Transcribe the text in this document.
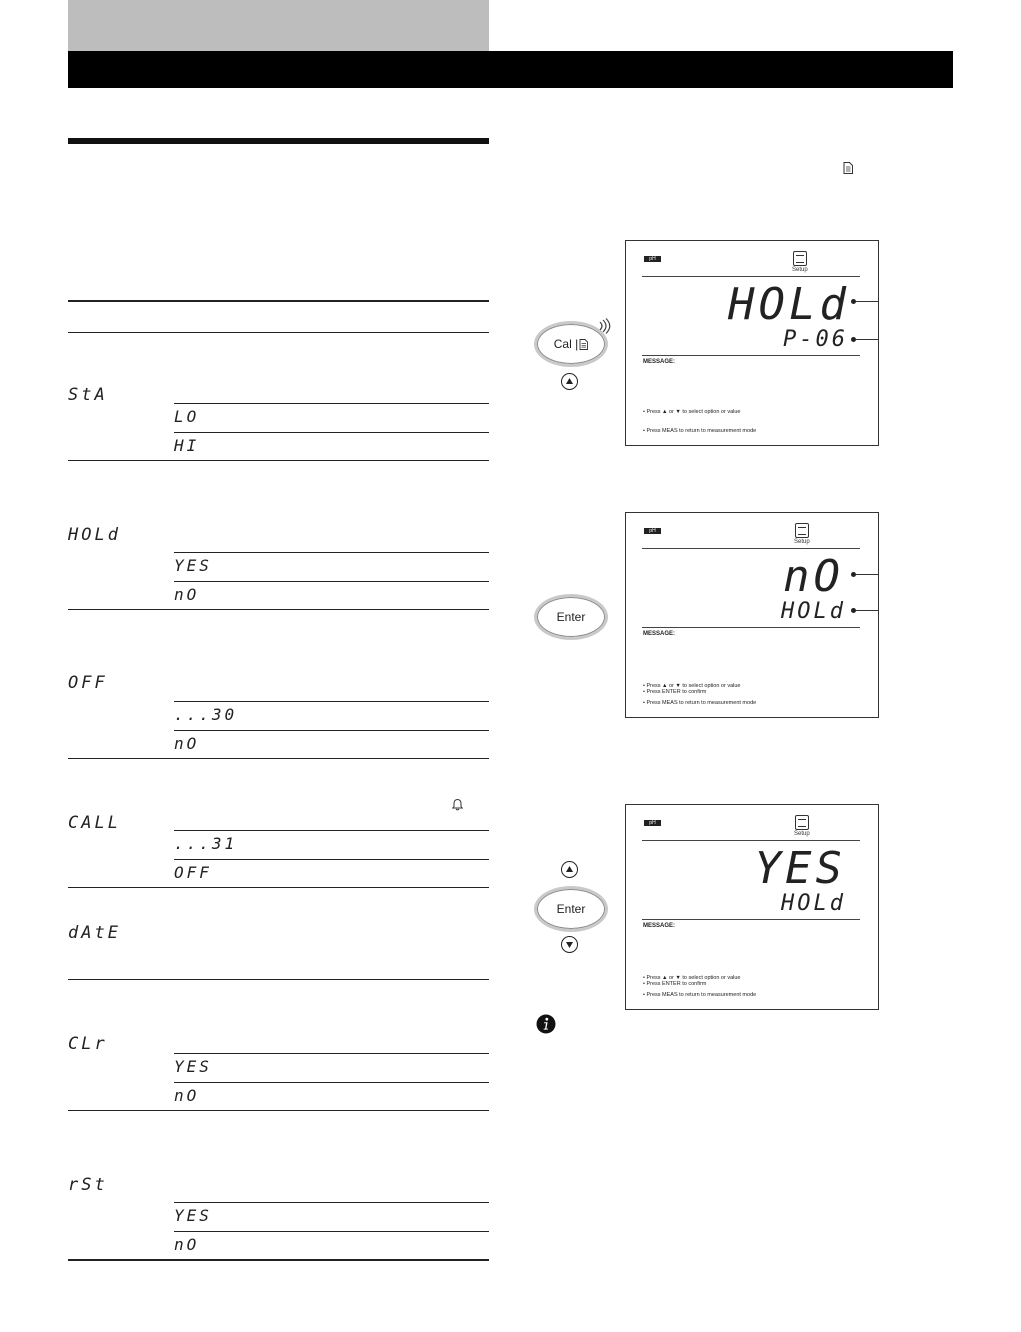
StA
LO
HI
HOLd
YES
nO
OFF
...30
nO
CALL
...31
OFF
dAtE
CLr
YES
nO
rSt
YES
nO
Cal |
pH
Setup
HOLd
P-06
MESSAGE:
• Press ▲ or ▼ to select option or value
• Press MEAS to return to measurement mode
Enter
pH
Setup
nO
HOLd
MESSAGE:
• Press ▲ or ▼ to select option or value
• Press ENTER to confirm
• Press MEAS to return to measurement mode
Enter
pH
Setup
YES
HOLd
MESSAGE:
• Press ▲ or ▼ to select option or value
• Press ENTER to confirm
• Press MEAS to return to measurement mode
